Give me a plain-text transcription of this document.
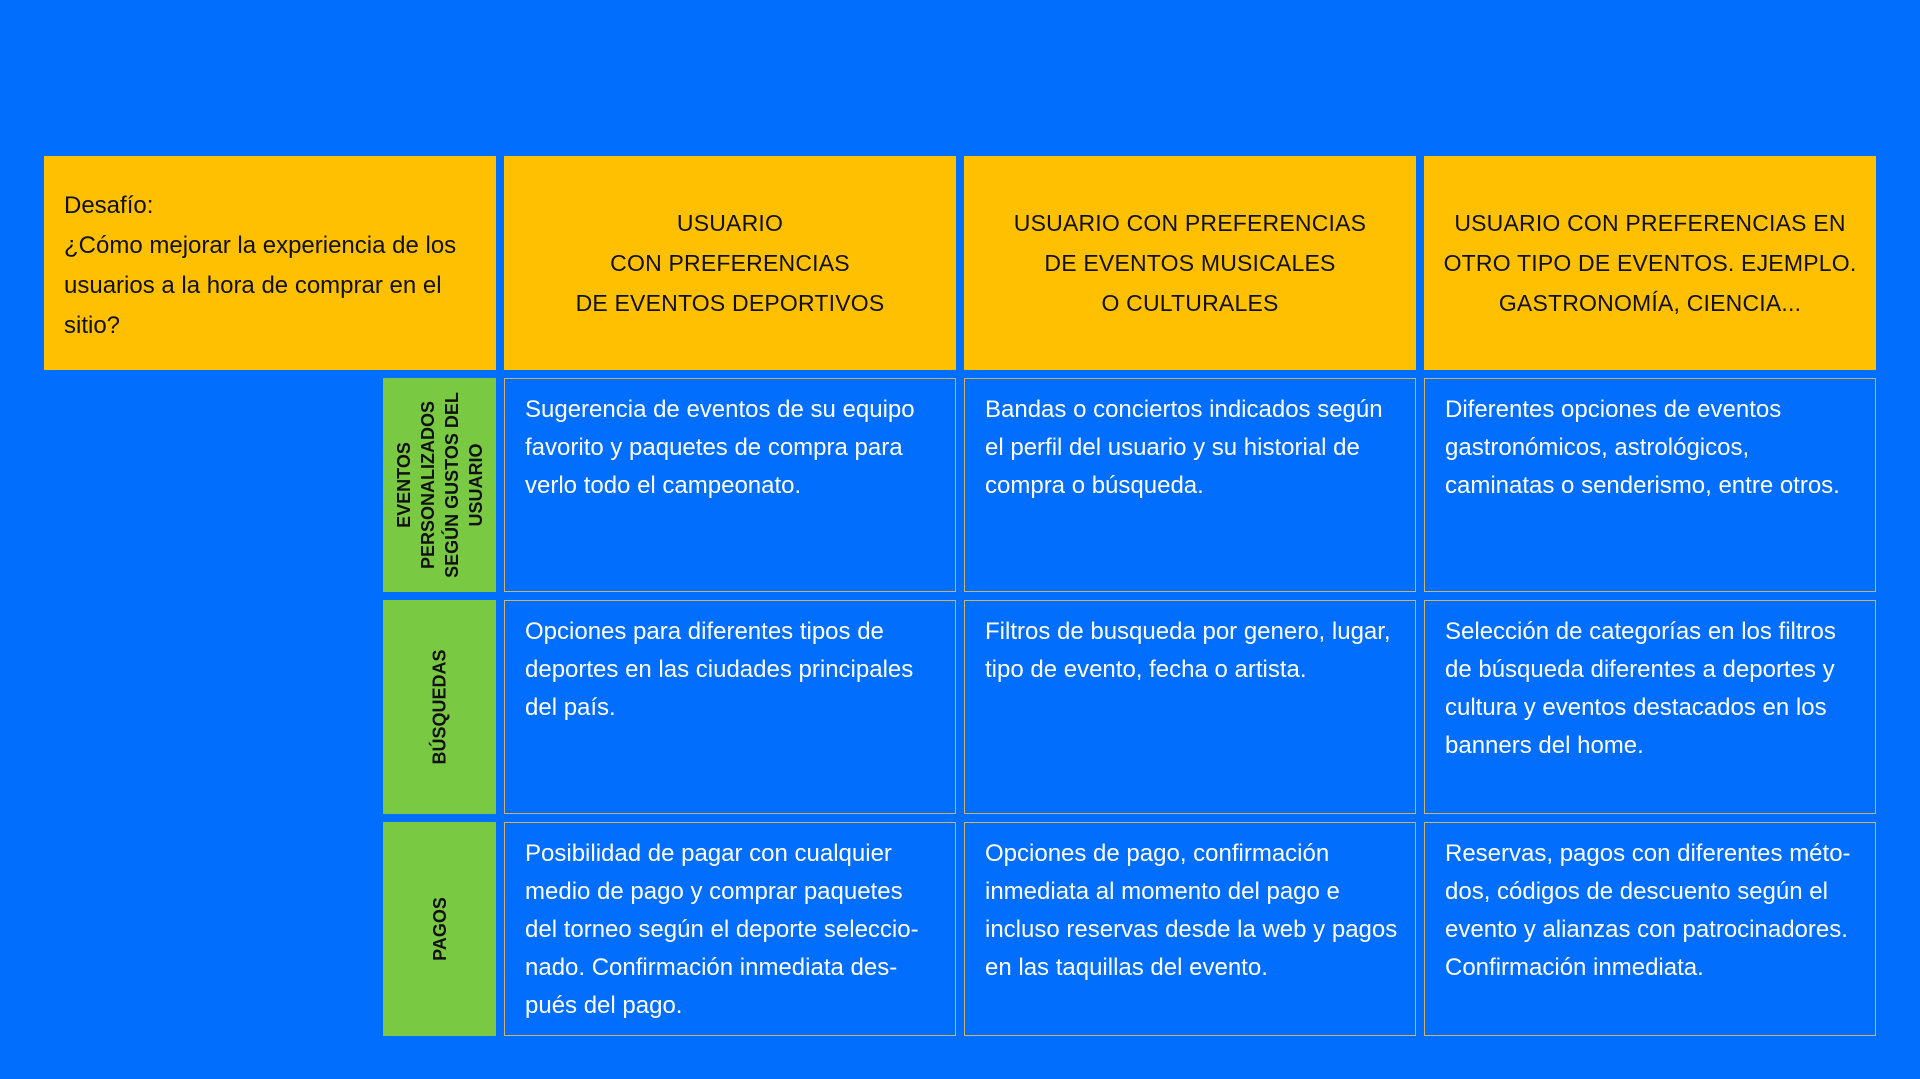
Desafío:
¿Cómo mejorar la experiencia de los
usuarios a la hora de comprar en el
sitio?
USUARIO
CON PREFERENCIAS
DE EVENTOS DEPORTIVOS
USUARIO CON PREFERENCIAS
DE EVENTOS MUSICALES
O CULTURALES
USUARIO CON PREFERENCIAS EN
OTRO TIPO DE EVENTOS. EJEMPLO.
GASTRONOMÍA, CIENCIA...
EVENTOS PERSONALIZADOS SEGÚN GUSTOS DEL USUARIO
Sugerencia de eventos de su equipo
favorito y paquetes de compra para
verlo todo el campeonato.
Bandas o conciertos indicados según
el perfil del usuario y su historial de
compra o búsqueda.
Diferentes opciones de eventos
gastronómicos, astrológicos,
caminatas o senderismo, entre otros.
BÚSQUEDAS
Opciones para diferentes tipos de
deportes en las ciudades principales
del país.
Filtros de busqueda por genero, lugar,
tipo de evento, fecha o artista.
Selección de categorías en los filtros
de búsqueda diferentes a deportes y
cultura y eventos destacados en los
banners del home.
PAGOS
Posibilidad de pagar con cualquier
medio de pago y comprar paquetes
del torneo según el deporte seleccio-
nado. Confirmación inmediata des-
pués del pago.
Opciones de pago, confirmación
inmediata al momento del pago e
incluso reservas desde la web y pagos
en las taquillas del evento.
Reservas, pagos con diferentes méto-
dos, códigos de descuento según el
evento y alianzas con patrocinadores.
Confirmación inmediata.
